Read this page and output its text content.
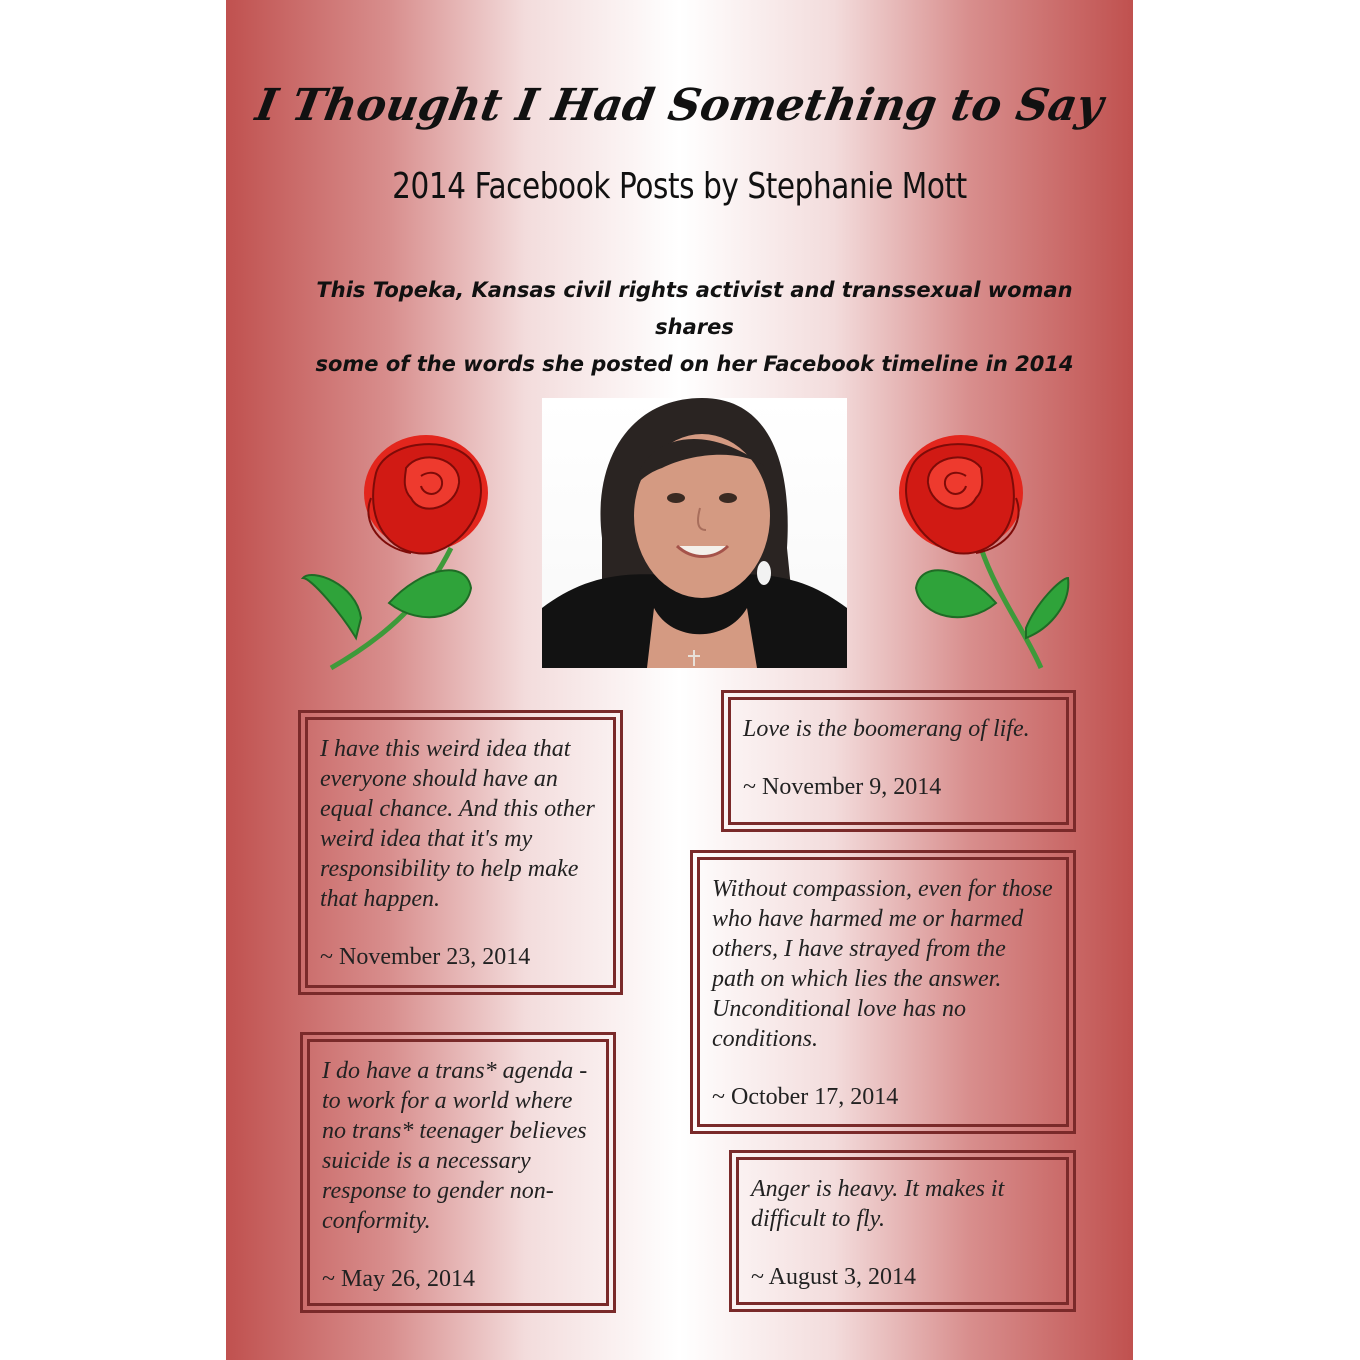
I Thought I Had Something to Say
2014 Facebook Posts by Stephanie Mott
This Topeka, Kansas civil rights activist and transsexual woman shares
some of the words she posted on her Facebook timeline in 2014

I have this weird idea that everyone should have an equal chance. And this other weird idea that it's my responsibility to help make that happen.

~ November 23, 2014

Love is the boomerang of life.

~ November 9, 2014

Without compassion, even for those who have harmed me or harmed others, I have strayed from the path on which lies the answer. Unconditional love has no conditions.

~ October 17, 2014

I do have a trans* agenda - to work for a world where no trans* teenager believes suicide is a necessary response to gender non-conformity.

~ May 26, 2014

Anger is heavy. It makes it difficult to fly.

~ August 3, 2014
